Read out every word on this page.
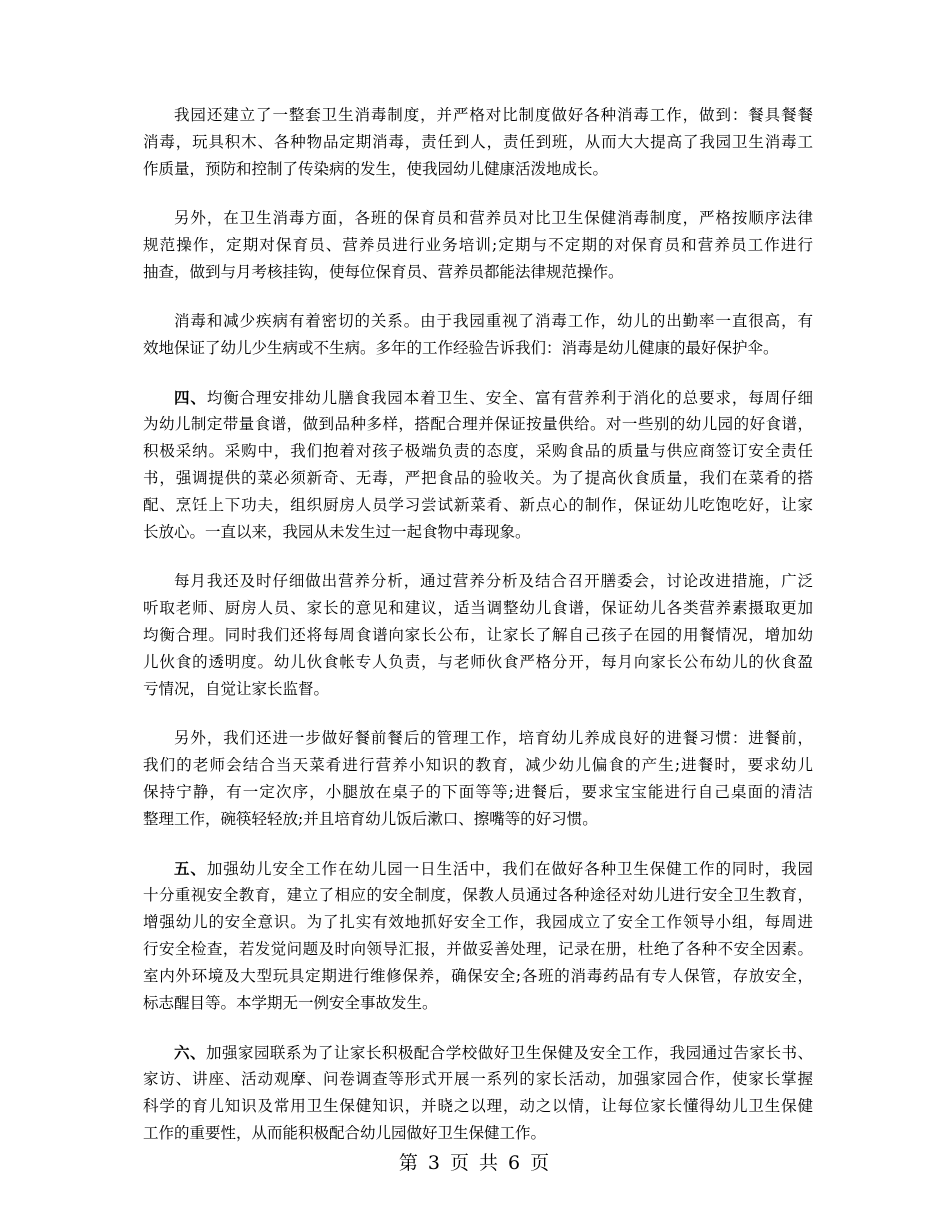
我园还建立了一整套卫生消毒制度，并严格对比制度做好各种消毒工作，做到：餐具餐餐
消毒，玩具积木、各种物品定期消毒，责任到人，责任到班，从而大大提高了我园卫生消毒工
作质量，预防和控制了传染病的发生，使我园幼儿健康活泼地成长。
另外，在卫生消毒方面，各班的保育员和营养员对比卫生保健消毒制度，严格按顺序法律
规范操作，定期对保育员、营养员进行业务培训;定期与不定期的对保育员和营养员工作进行
抽查，做到与月考核挂钩，使每位保育员、营养员都能法律规范操作。
消毒和减少疾病有着密切的关系。由于我园重视了消毒工作，幼儿的出勤率一直很高，有
效地保证了幼儿少生病或不生病。多年的工作经验告诉我们：消毒是幼儿健康的最好保护伞。
四、均衡合理安排幼儿膳食我园本着卫生、安全、富有营养利于消化的总要求，每周仔细
为幼儿制定带量食谱，做到品种多样，搭配合理并保证按量供给。对一些别的幼儿园的好食谱，
积极采纳。采购中，我们抱着对孩子极端负责的态度，采购食品的质量与供应商签订安全责任
书，强调提供的菜必须新奇、无毒，严把食品的验收关。为了提高伙食质量，我们在菜肴的搭
配、烹饪上下功夫，组织厨房人员学习尝试新菜肴、新点心的制作，保证幼儿吃饱吃好，让家
长放心。一直以来，我园从未发生过一起食物中毒现象。
每月我还及时仔细做出营养分析，通过营养分析及结合召开膳委会，讨论改进措施，广泛
听取老师、厨房人员、家长的意见和建议，适当调整幼儿食谱，保证幼儿各类营养素摄取更加
均衡合理。同时我们还将每周食谱向家长公布，让家长了解自己孩子在园的用餐情况，增加幼
儿伙食的透明度。幼儿伙食帐专人负责，与老师伙食严格分开，每月向家长公布幼儿的伙食盈
亏情况，自觉让家长监督。
另外，我们还进一步做好餐前餐后的管理工作，培育幼儿养成良好的进餐习惯：进餐前，
我们的老师会结合当天菜肴进行营养小知识的教育，减少幼儿偏食的产生;进餐时，要求幼儿
保持宁静，有一定次序，小腿放在桌子的下面等等;进餐后，要求宝宝能进行自己桌面的清洁
整理工作，碗筷轻轻放;并且培育幼儿饭后漱口、擦嘴等的好习惯。
五、加强幼儿安全工作在幼儿园一日生活中，我们在做好各种卫生保健工作的同时，我园
十分重视安全教育，建立了相应的安全制度，保教人员通过各种途径对幼儿进行安全卫生教育，
增强幼儿的安全意识。为了扎实有效地抓好安全工作，我园成立了安全工作领导小组，每周进
行安全检查，若发觉问题及时向领导汇报，并做妥善处理，记录在册，杜绝了各种不安全因素。
室内外环境及大型玩具定期进行维修保养，确保安全;各班的消毒药品有专人保管，存放安全，
标志醒目等。本学期无一例安全事故发生。
六、加强家园联系为了让家长积极配合学校做好卫生保健及安全工作，我园通过告家长书、
家访、讲座、活动观摩、问卷调查等形式开展一系列的家长活动，加强家园合作，使家长掌握
科学的育儿知识及常用卫生保健知识，并晓之以理，动之以情，让每位家长懂得幼儿卫生保健
工作的重要性，从而能积极配合幼儿园做好卫生保健工作。
第 3 页 共 6 页
